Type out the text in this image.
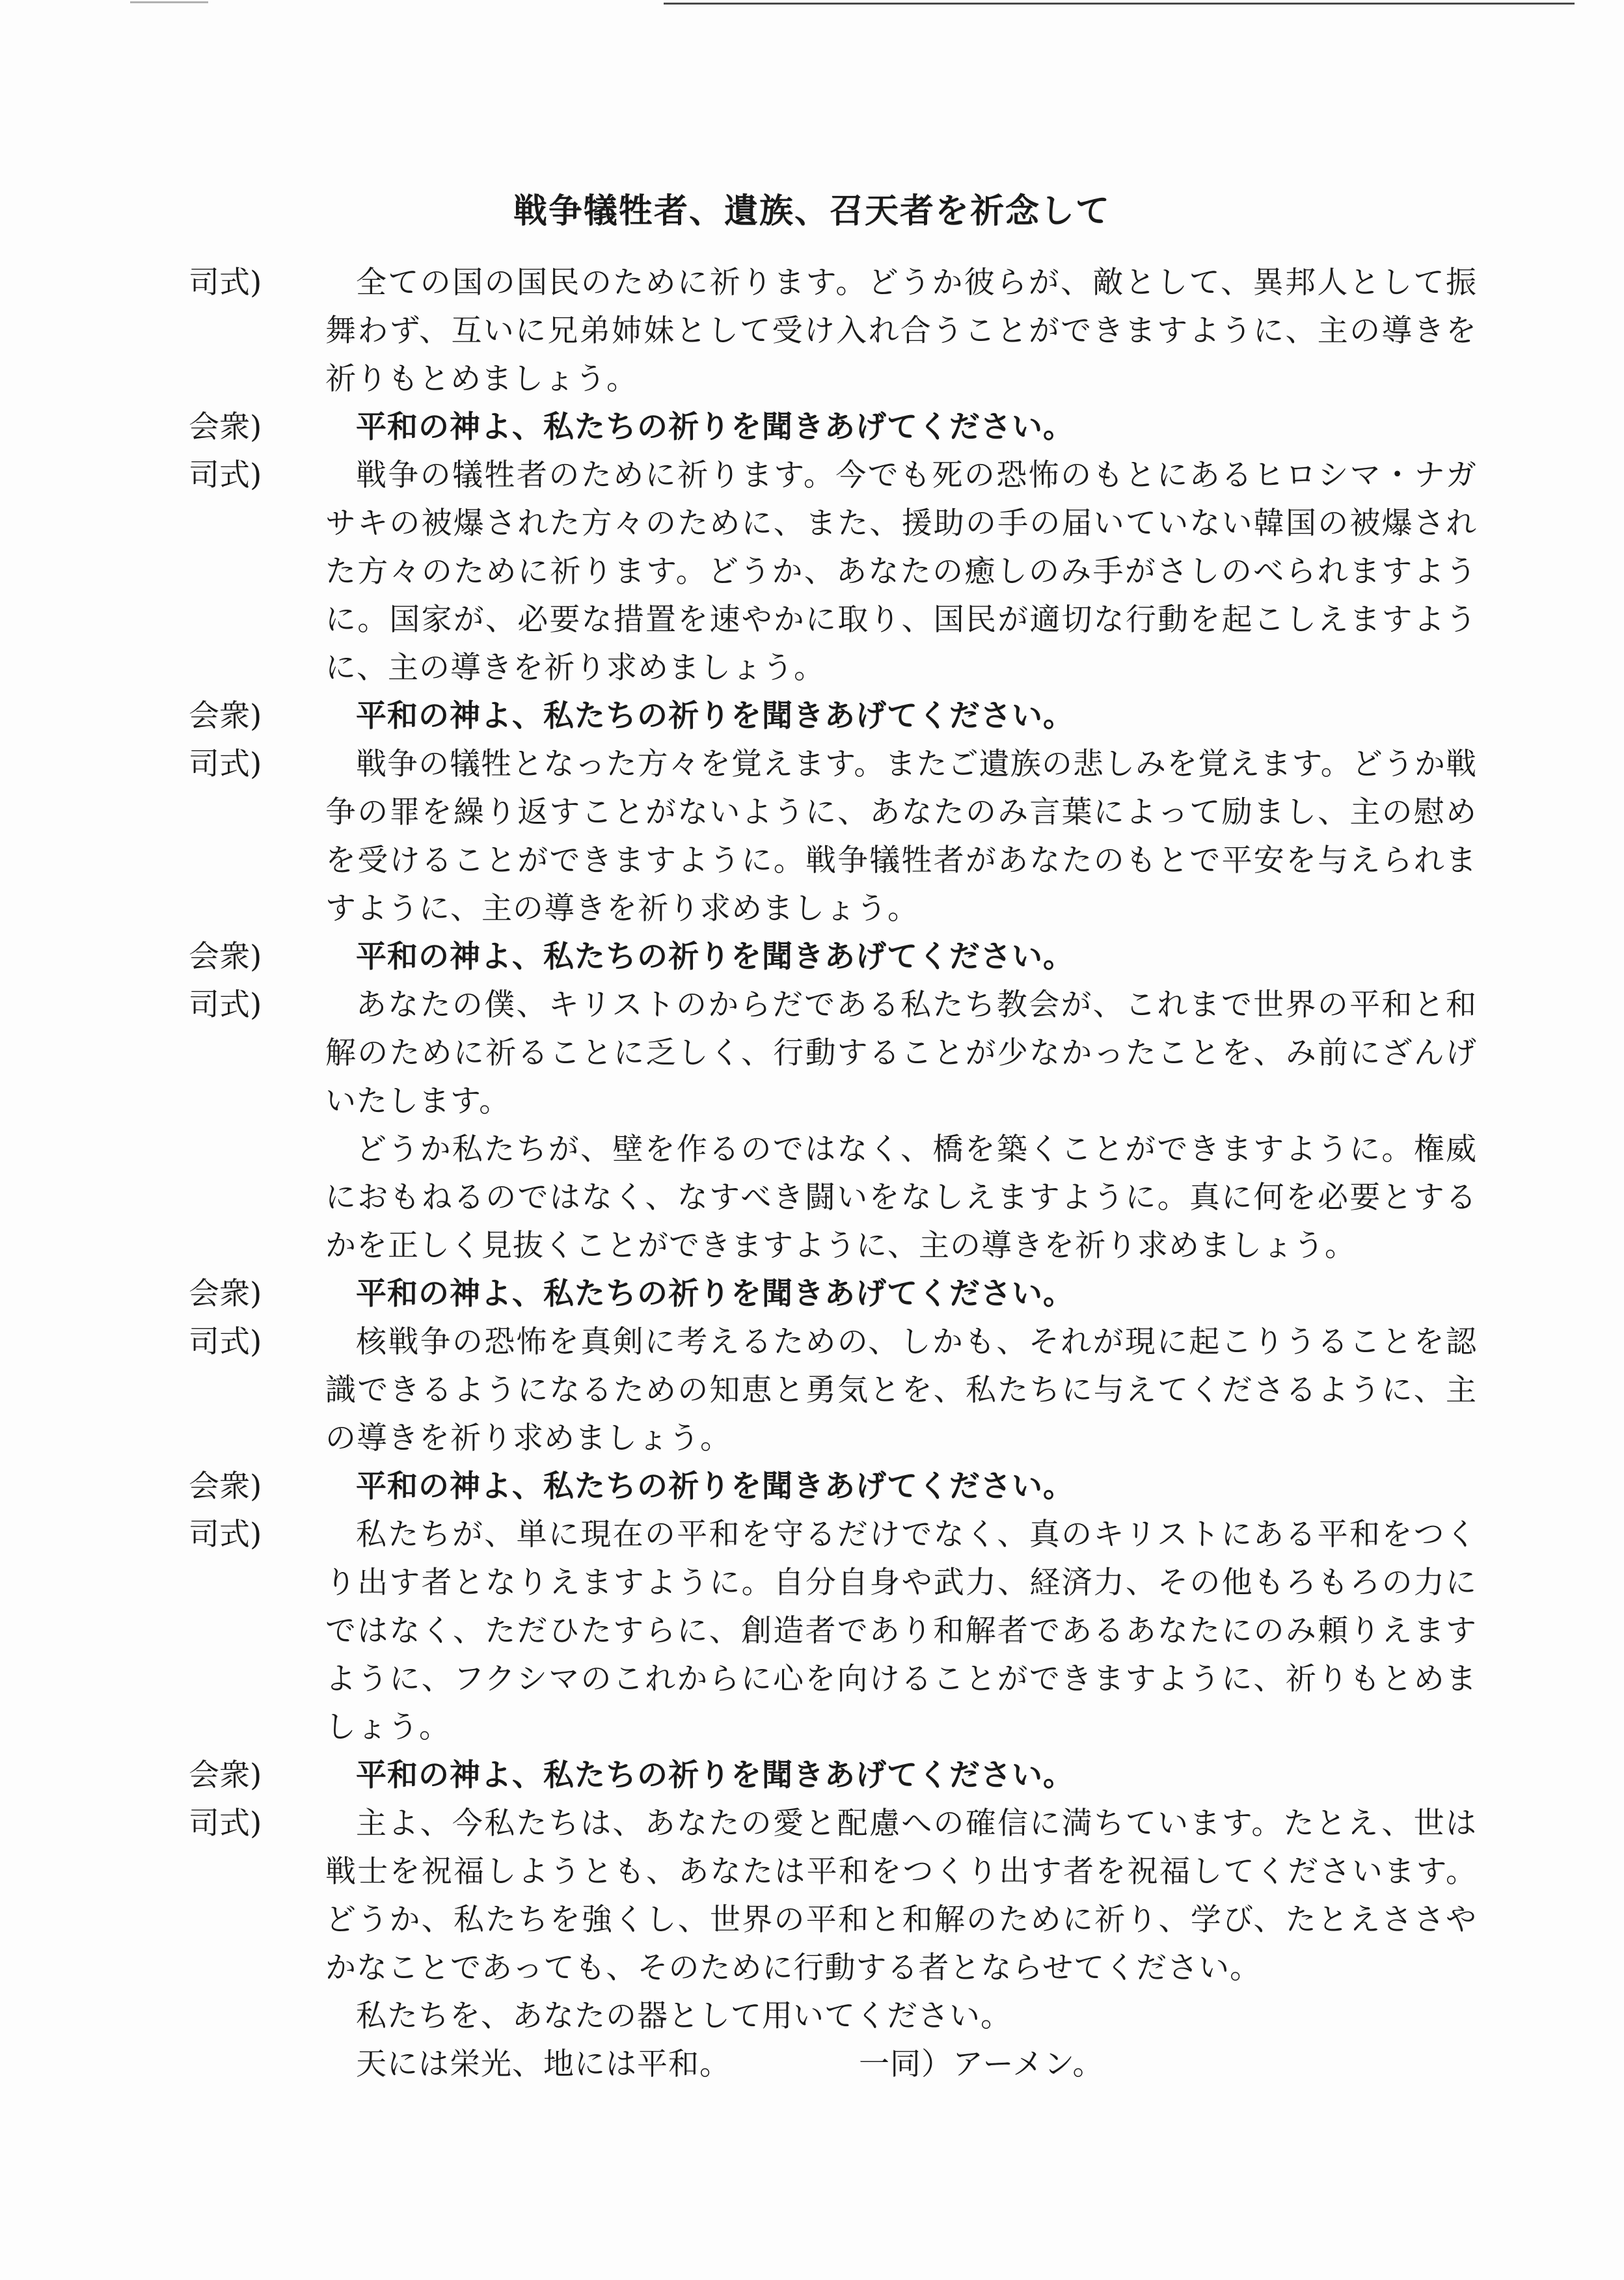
戦争犠牲者、遺族、召天者を祈念して
司式)	全ての国の国民のために祈ります。どうか彼らが、敵として、異邦人として振舞わず、互いに兄弟姉妹として受け入れ合うことができますように、主の導きを祈りもとめましょう。
会衆)	平和の神よ、私たちの祈りを聞きあげてください。
司式)	戦争の犠牲者のために祈ります。今でも死の恐怖のもとにあるヒロシマ・ナガサキの被爆された方々のために、また、援助の手の届いていない韓国の被爆された方々のために祈ります。どうか、あなたの癒しのみ手がさしのべられますように。国家が、必要な措置を速やかに取り、国民が適切な行動を起こしえますように、主の導きを祈り求めましょう。
会衆)	平和の神よ、私たちの祈りを聞きあげてください。
司式)	戦争の犠牲となった方々を覚えます。またご遺族の悲しみを覚えます。どうか戦争の罪を繰り返すことがないように、あなたのみ言葉によって励まし、主の慰めを受けることができますように。戦争犠牲者があなたのもとで平安を与えられますように、主の導きを祈り求めましょう。
会衆)	平和の神よ、私たちの祈りを聞きあげてください。
司式)	あなたの僕、キリストのからだである私たち教会が、これまで世界の平和と和解のために祈ることに乏しく、行動することが少なかったことを、み前にざんげいたします。
どうか私たちが、壁を作るのではなく、橋を築くことができますように。権威におもねるのではなく、なすべき闘いをなしえますように。真に何を必要とするかを正しく見抜くことができますように、主の導きを祈り求めましょう。
会衆)	平和の神よ、私たちの祈りを聞きあげてください。
司式)	核戦争の恐怖を真剣に考えるための、しかも、それが現に起こりうることを認識できるようになるための知恵と勇気とを、私たちに与えてくださるように、主の導きを祈り求めましょう。
会衆)	平和の神よ、私たちの祈りを聞きあげてください。
司式)	私たちが、単に現在の平和を守るだけでなく、真のキリストにある平和をつくり出す者となりえますように。自分自身や武力、経済力、その他もろもろの力にではなく、ただひたすらに、創造者であり和解者であるあなたにのみ頼りえますように、フクシマのこれからに心を向けることができますように、祈りもとめましょう。
会衆)	平和の神よ、私たちの祈りを聞きあげてください。
司式)	主よ、今私たちは、あなたの愛と配慮への確信に満ちています。たとえ、世は戦士を祝福しようとも、あなたは平和をつくり出す者を祝福してくださいます。どうか、私たちを強くし、世界の平和と和解のために祈り、学び、たとえささやかなことであっても、そのために行動する者とならせてください。
私たちを、あなたの器として用いてください。
天には栄光、地には平和。	一同）アーメン。
